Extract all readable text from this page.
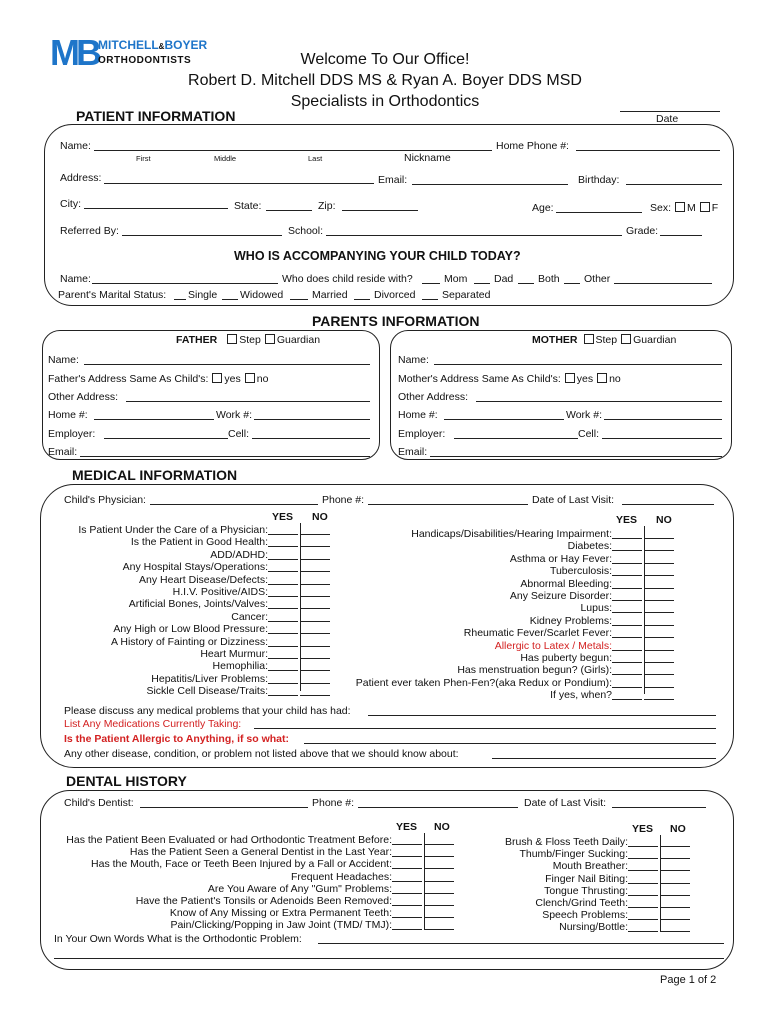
MB MITCHELL&BOYER
ORTHODONTISTS	Welcome To Our Office!
Robert D. Mitchell DDS MS & Ryan A. Boyer DDS MSD
Specialists in Orthodontics
Date
PATIENT INFORMATION
Name:
First	Middle	Last	Nickname
Home Phone #:
Address:	Email:	Birthday:
City:	State:	Zip:	Age:	Sex: M F
Referred By:	School:	Grade:
WHO IS ACCOMPANYING YOUR CHILD TODAY?
Name:	Who does child reside with?	Mom	Dad Both Other
Parent's Marital Status: Single Widowed	Married	Divorced	Separated
PARENTS INFORMATION
FATHER Step Guardian	MOTHER Step Guardian
Name:
Father's Address Same As Child's: yes no
Other Address:
Home #:	Work #:
Employer:	Cell:
Email:
Name:
Mother's Address Same As Child's: yes no
Other Address:
Home #:	Work #:
Employer:	Cell:
Email:
MEDICAL INFORMATION
Child's Physician:	Phone #:	Date of Last Visit:
YES NO	YES NO
Is Patient Under the Care of a Physician:
Is the Patient in Good Health:
ADD/ADHD:
Any Hospital Stays/Operations:
Any Heart Disease/Defects:
H.I.V. Positive/AIDS:
Artificial Bones, Joints/Valves:
Cancer:
Any High or Low Blood Pressure:
A History of Fainting or Dizziness:
Heart Murmur:
Hemophilia:
Hepatitis/Liver Problems:
Sickle Cell Disease/Traits:
Handicaps/Disabilities/Hearing Impairment:
Diabetes:
Asthma or Hay Fever:
Tuberculosis:
Abnormal Bleeding:
Any Seizure Disorder:
Lupus:
Kidney Problems:
Rheumatic Fever/Scarlet Fever:
Allergic to Latex / Metals:
Has puberty begun:
Has menstruation begun? (Girls):
Patient ever taken Phen-Fen?(aka Redux or Pondium):
If yes, when?
Please discuss any medical problems that your child has had:
List Any Medications Currently Taking:
Is the Patient Allergic to Anything, if so what:
Any other disease, condition, or problem not listed above that we should know about:
DENTAL HISTORY
Child's Dentist:	Phone #:	Date of Last Visit:
YES NO	YES NO
Has the Patient Been Evaluated or had Orthodontic Treatment Before:
Has the Patient Seen a General Dentist in the Last Year:
Has the Mouth, Face or Teeth Been Injured by a Fall or Accident:
Frequent Headaches:
Are You Aware of Any "Gum" Problems:
Have the Patient's Tonsils or Adenoids Been Removed:
Know of Any Missing or Extra Permanent Teeth:
Pain/Clicking/Popping in Jaw Joint (TMD/ TMJ):
Brush & Floss Teeth Daily:
Thumb/Finger Sucking:
Mouth Breather:
Finger Nail Biting:
Tongue Thrusting:
Clench/Grind Teeth:
Speech Problems:
Nursing/Bottle:
In Your Own Words What is the Orthodontic Problem:
Page 1 of 2
